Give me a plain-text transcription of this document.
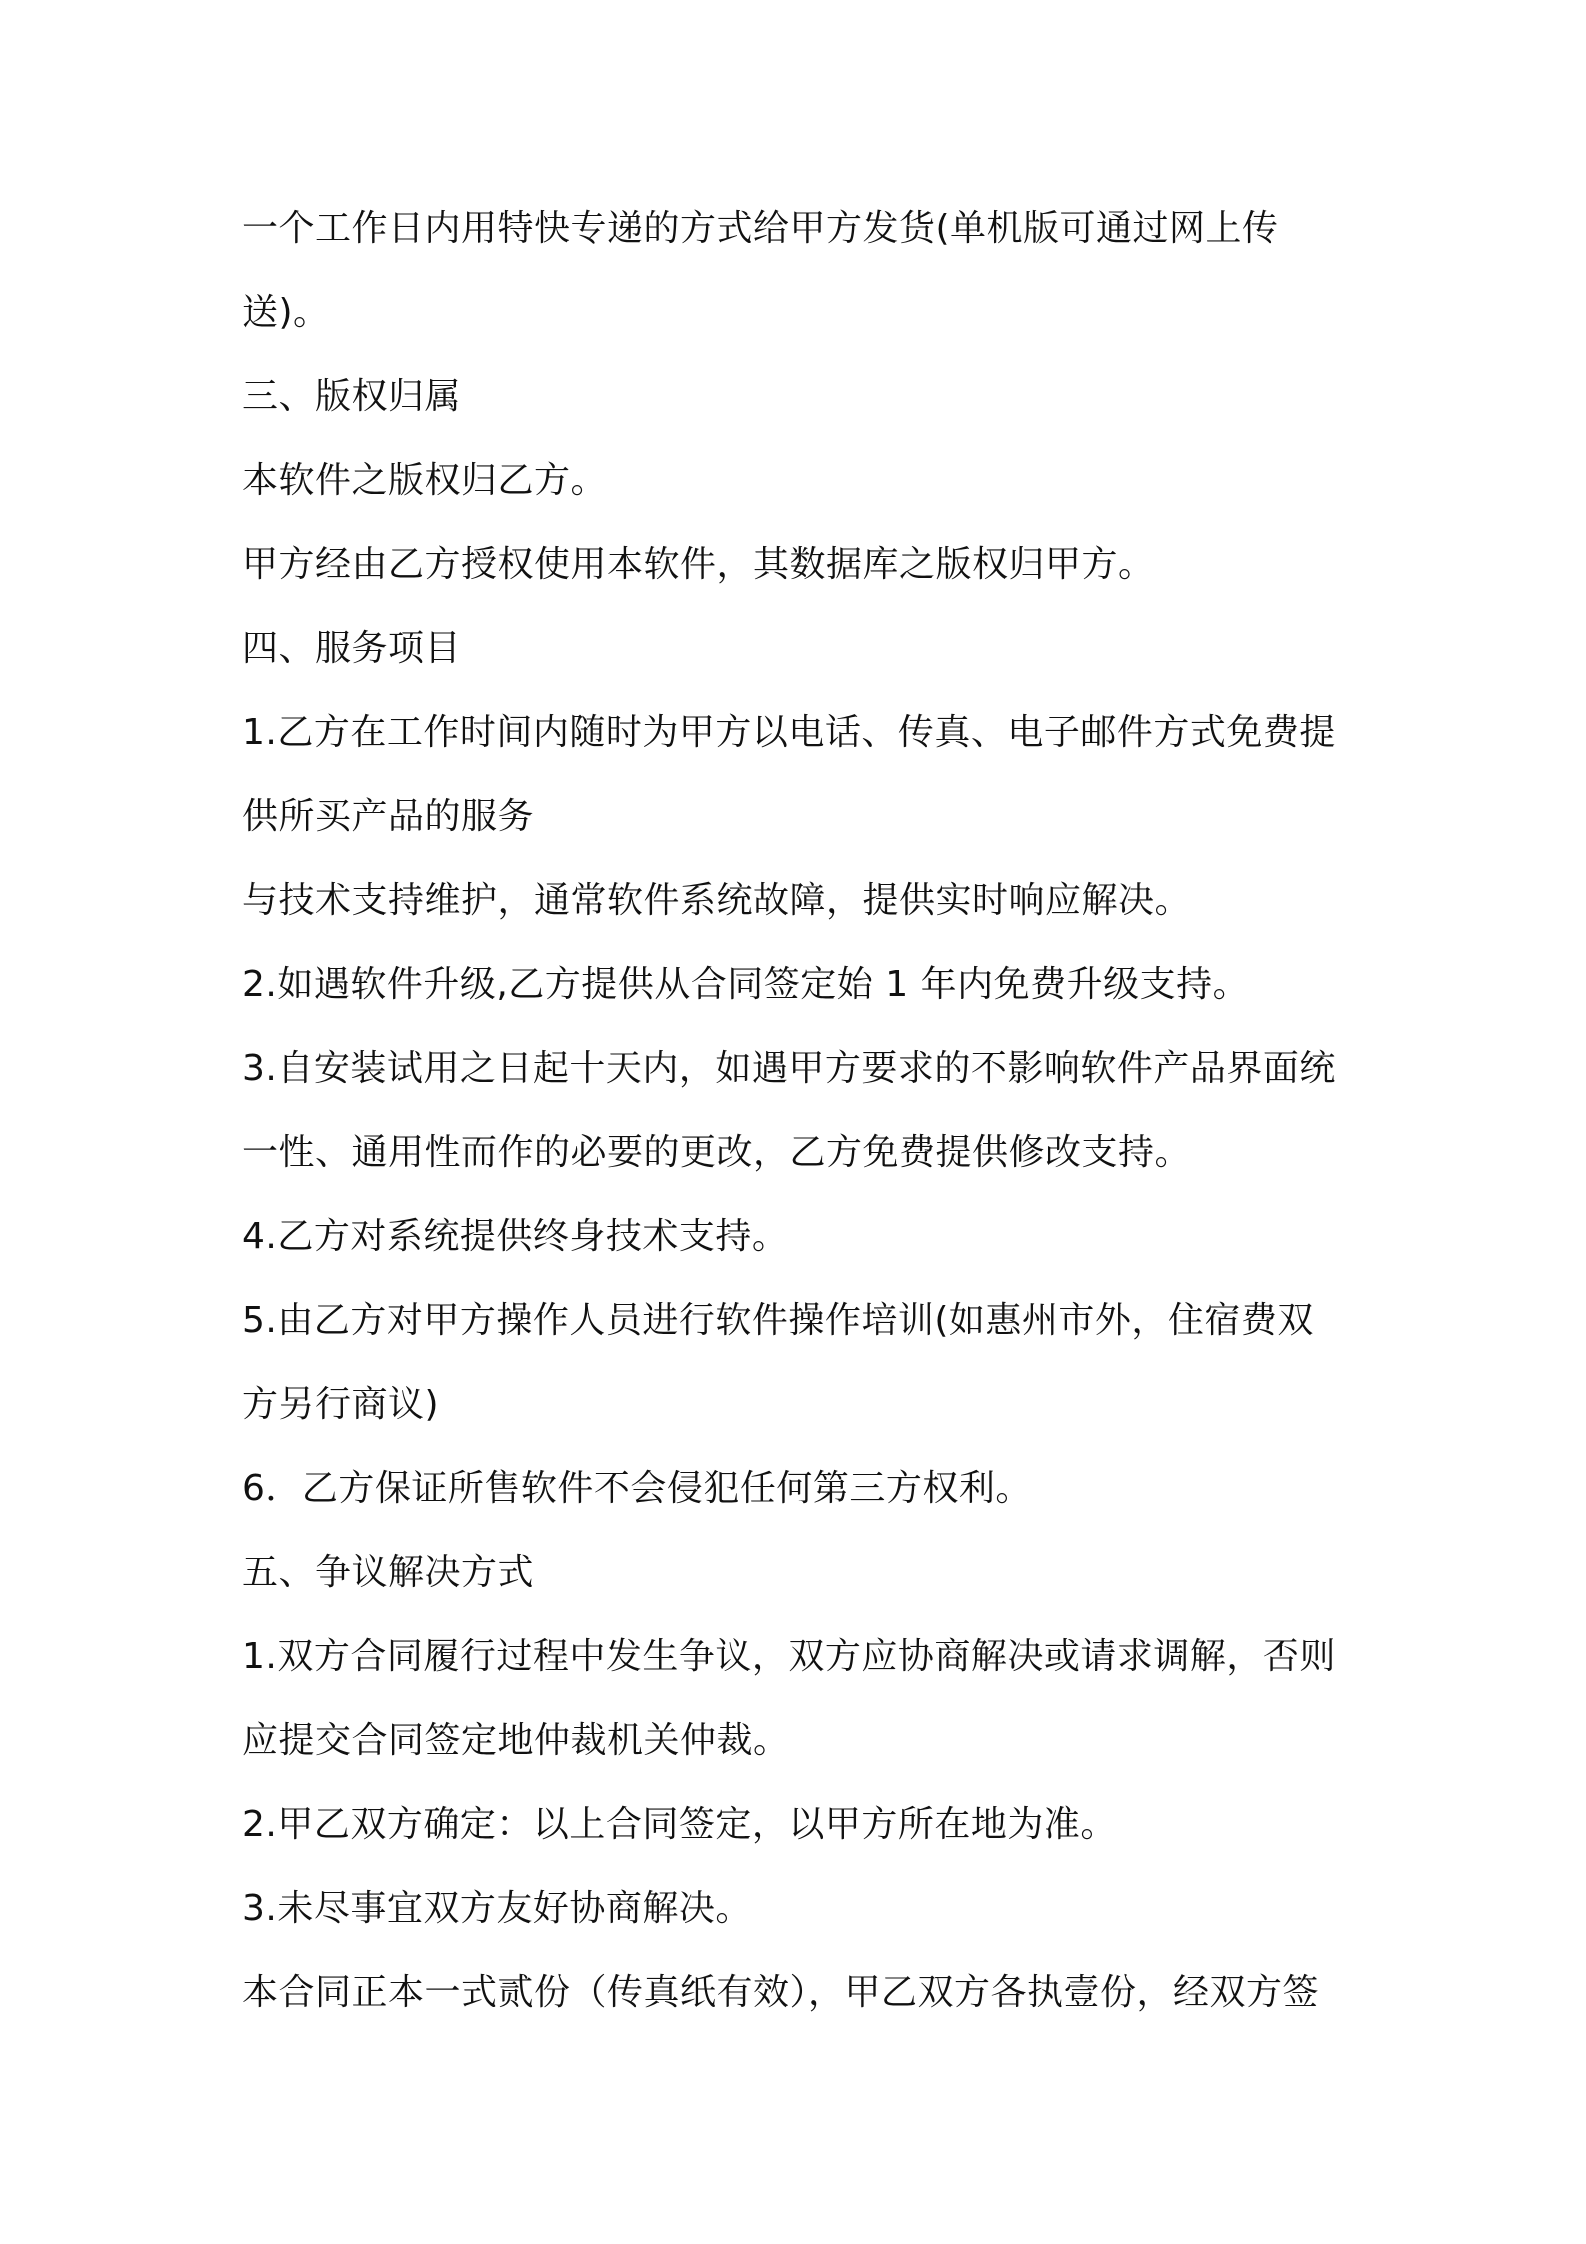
一个工作日内用特快专递的方式给甲方发货(单机版可通过网上传
送)。
三、版权归属
本软件之版权归乙方。
甲方经由乙方授权使用本软件，其数据库之版权归甲方。
四、服务项目
1.乙方在工作时间内随时为甲方以电话、传真、电子邮件方式免费提
供所买产品的服务
与技术支持维护，通常软件系统故障，提供实时响应解决。
2.如遇软件升级,乙方提供从合同签定始 1 年内免费升级支持。
3.自安装试用之日起十天内，如遇甲方要求的不影响软件产品界面统
一性、通用性而作的必要的更改，乙方免费提供修改支持。
4.乙方对系统提供终身技术支持。
5.由乙方对甲方操作人员进行软件操作培训(如惠州市外，住宿费双
方另行商议)
6．乙方保证所售软件不会侵犯任何第三方权利。
五、争议解决方式
1.双方合同履行过程中发生争议，双方应协商解决或请求调解，否则
应提交合同签定地仲裁机关仲裁。
2.甲乙双方确定：以上合同签定，以甲方所在地为准。
3.未尽事宜双方友好协商解决。
本合同正本一式贰份（传真纸有效），甲乙双方各执壹份，经双方签
